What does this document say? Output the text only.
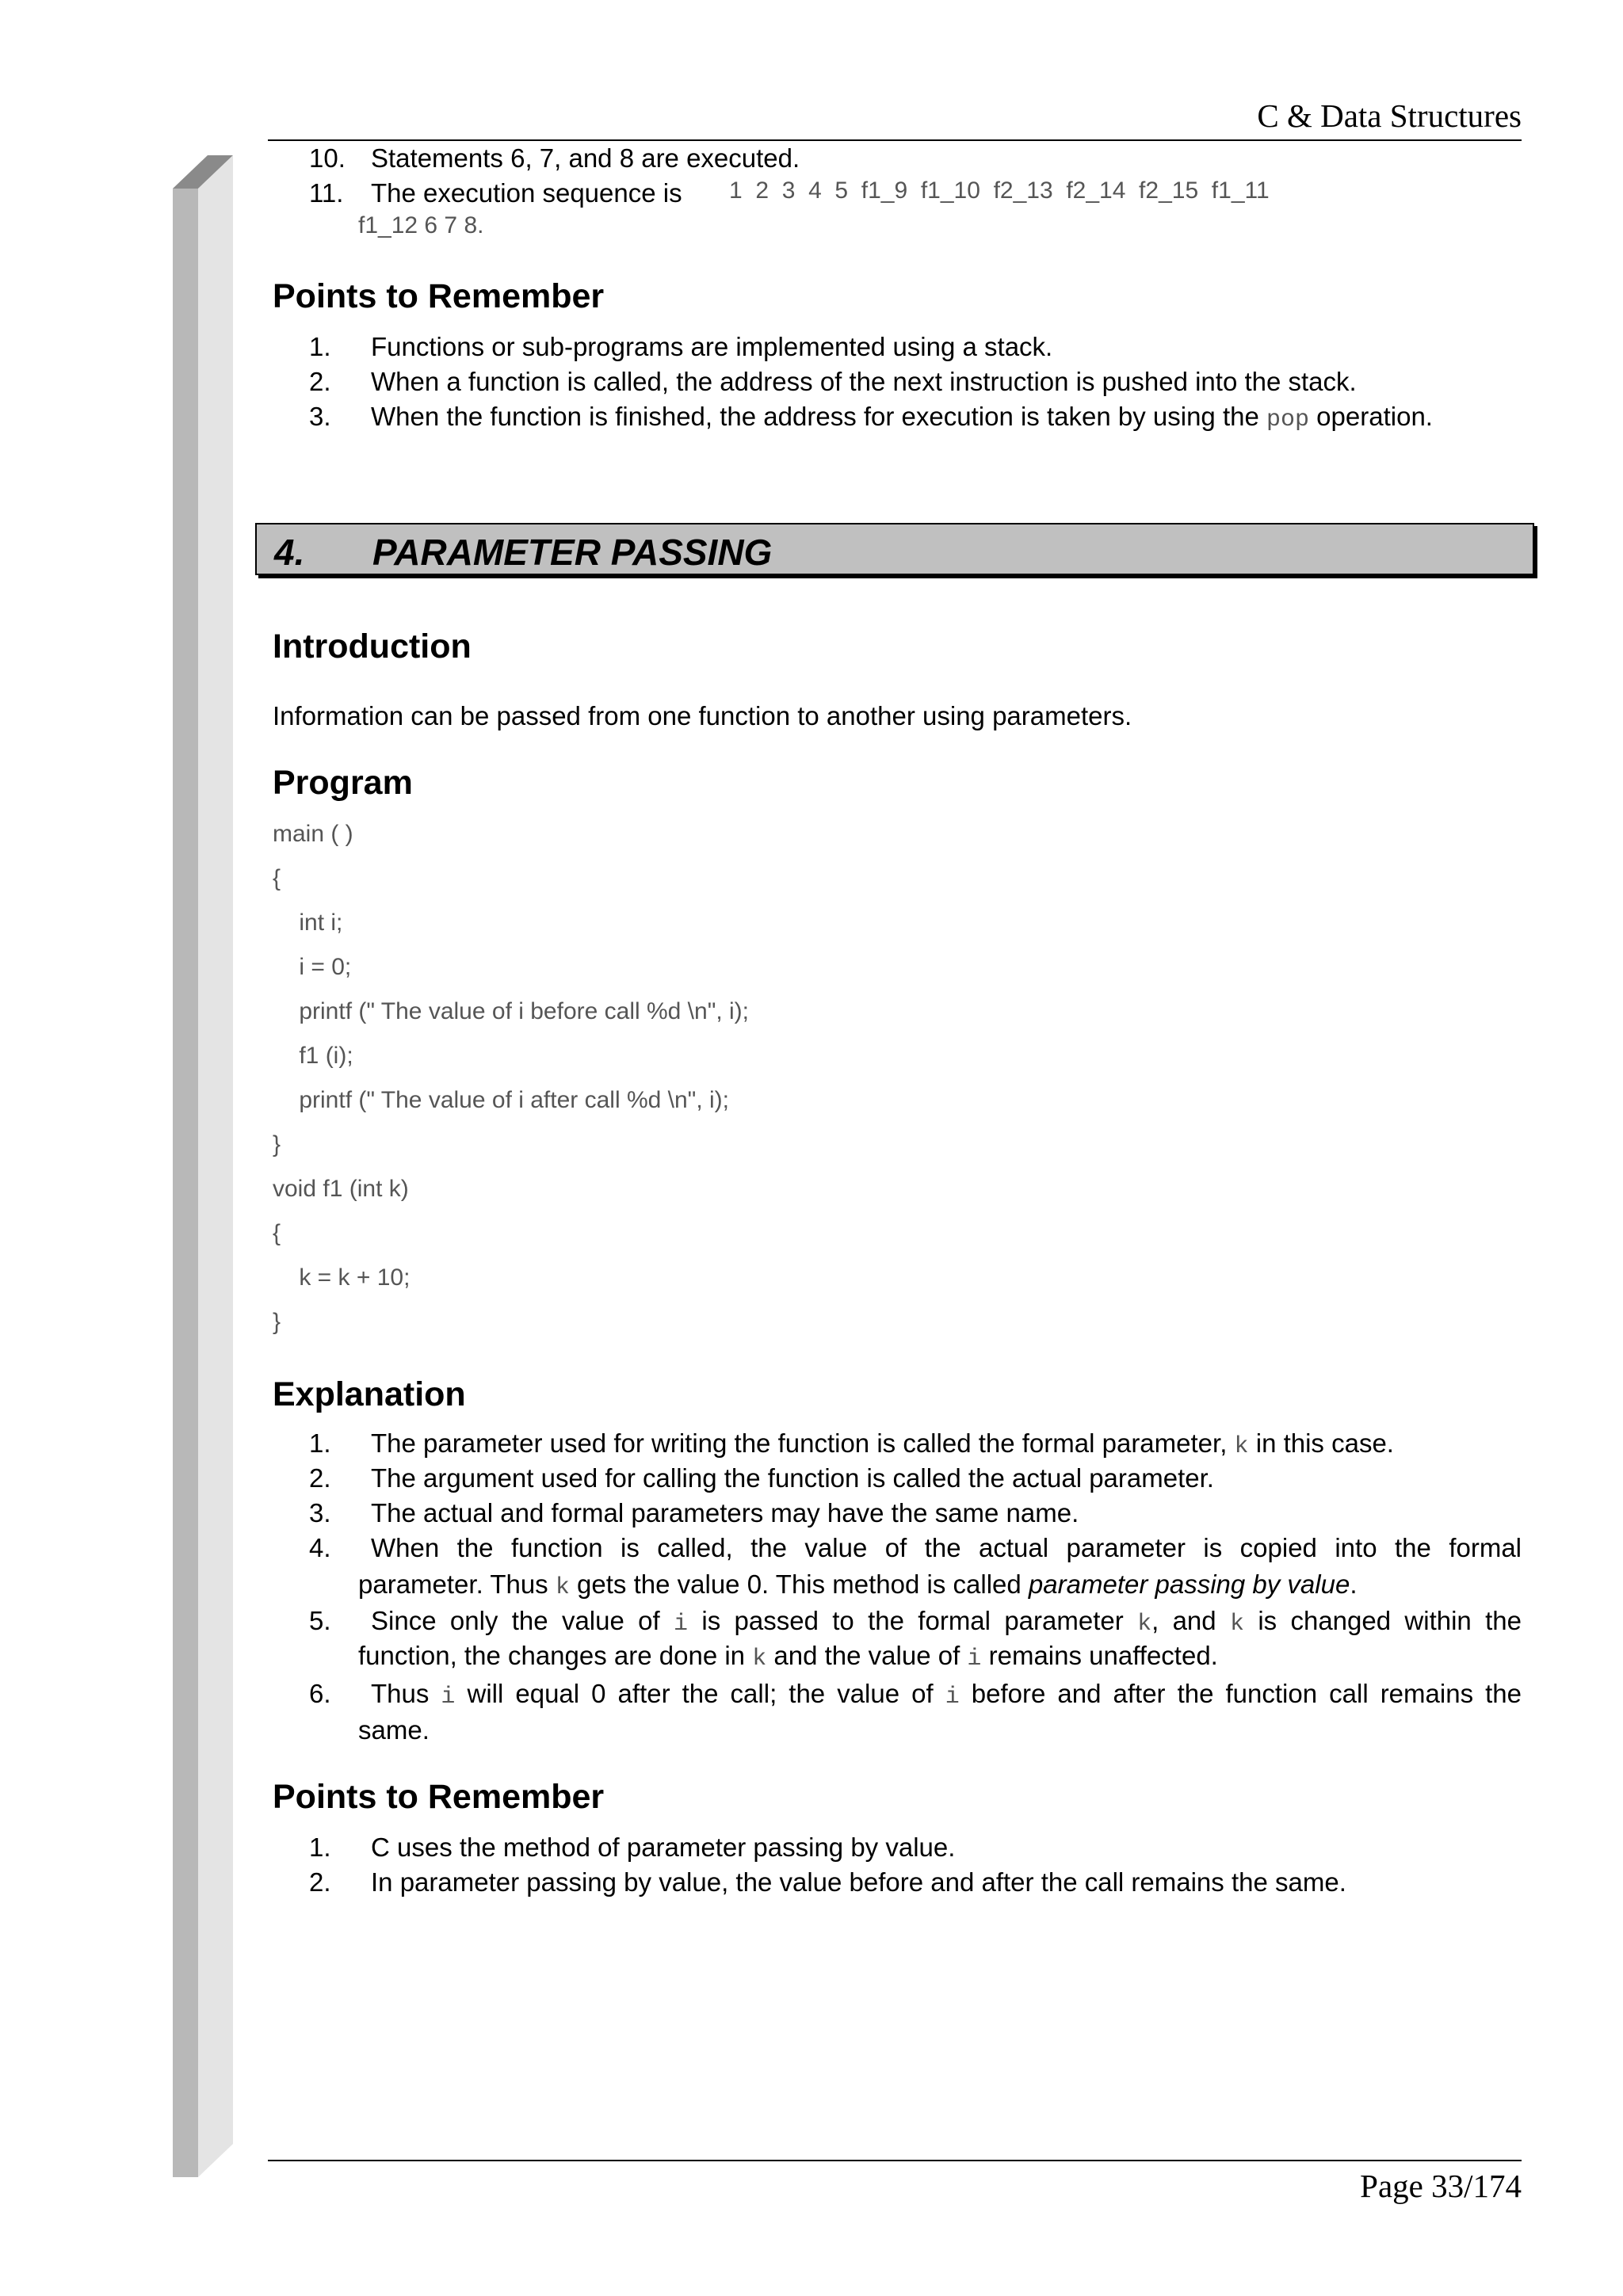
C & Data Structures
10. Statements 6, 7, and 8 are executed.
11. The execution sequence is 1  2  3  4  5  f1_9  f1_10  f2_13  f2_14  f2_15  f1_11
f1_12 6 7 8.
Points to Remember
1. Functions or sub-programs are implemented using a stack.
2. When a function is called, the address of the next instruction is pushed into the stack.
3. When the function is finished, the address for execution is taken by using the pop operation.
4. PARAMETER PASSING
Introduction
Information can be passed from one function to another using parameters.
Program
main ( )
{
int i;
i = 0;
printf (" The value of i before call %d \n", i);
f1 (i);
printf (" The value of i after call %d \n", i);
}
void f1 (int k)
{
k = k + 10;
}
Explanation
1. The parameter used for writing the function is called the formal parameter, k in this case.
2. The argument used for calling the function is called the actual parameter.
3. The actual and formal parameters may have the same name.
4. When the function is called, the value of the actual parameter is copied into the formal
parameter. Thus k gets the value 0. This method is called parameter passing by value.
5. Since only the value of i is passed to the formal parameter k, and k is changed within the
function, the changes are done in k and the value of i remains unaffected.
6. Thus i will equal 0 after the call; the value of i before and after the function call remains the
same.
Points to Remember
1. C uses the method of parameter passing by value.
2. In parameter passing by value, the value before and after the call remains the same.
Page 33/174
